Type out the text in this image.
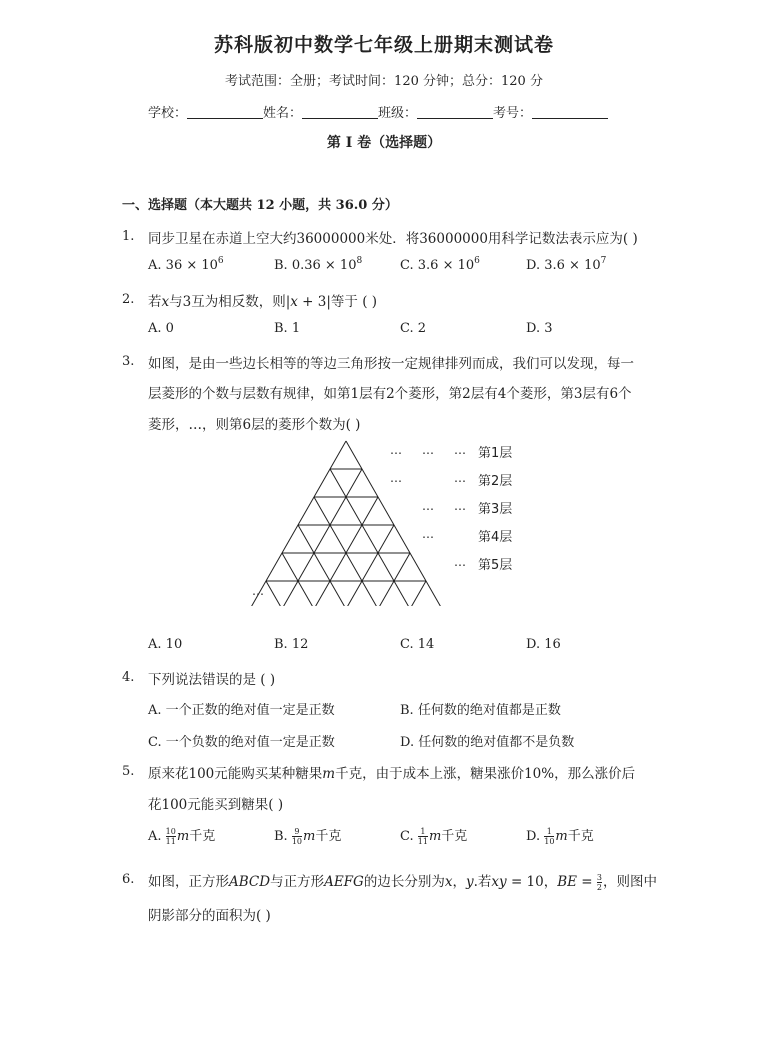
苏科版初中数学七年级上册期末测试卷
考试范围：全册；考试时间：120 分钟；总分：120 分
学校：	姓名：	班级：	考号：
第 I 卷（选择题）
一、选择题（本大题共 12 小题，共 36.0 分）
1. 同步卫星在赤道上空大约36000000米处．将36000000用科学记数法表示应为( )
A. $36 \times 10^6$	B. $0.36 \times 10^8$	C. $3.6 \times 10^6$	D. $3.6 \times 10^7$
2. 若x与3互为相反数，则|x + 3|等于 ( )
A. 0	B. 1	C. 2	D. 3
3. 如图，是由一些边长相等的等边三角形按一定规律排列而成，我们可以发现，每一
层菱形的个数与层数有规律，如第1层有2个菱形，第2层有4个菱形，第3层有6个
菱形，…，则第6层的菱形个数为( )
… … …
…	…
… …
…
…
…
第1层
第2层
第3层
第4层
第5层
A. 10	B. 12	C. 14	D. 16
4. 下列说法错误的是 ( )
A. 一个正数的绝对值一定是正数	B. 任何数的绝对值都是正数
C. 一个负数的绝对值一定是正数	D. 任何数的绝对值都不是负数
5. 原来花100元能购买某种糖果m千克，由于成本上涨，糖果涨价10%，那么涨价后
花100元能买到糖果( )
A. $\frac{10}{11}$ m千克	B. $\frac{9}{10}$ m千克	C. $\frac{1}{11}$ m千克	D. $\frac{1}{10}$ m千克
6. 如图，正方形ABCD与正方形AEFG的边长分别为x，y.若xy = 10，BE = $\frac{3}{2}$ ，则图中
阴影部分的面积为( )
